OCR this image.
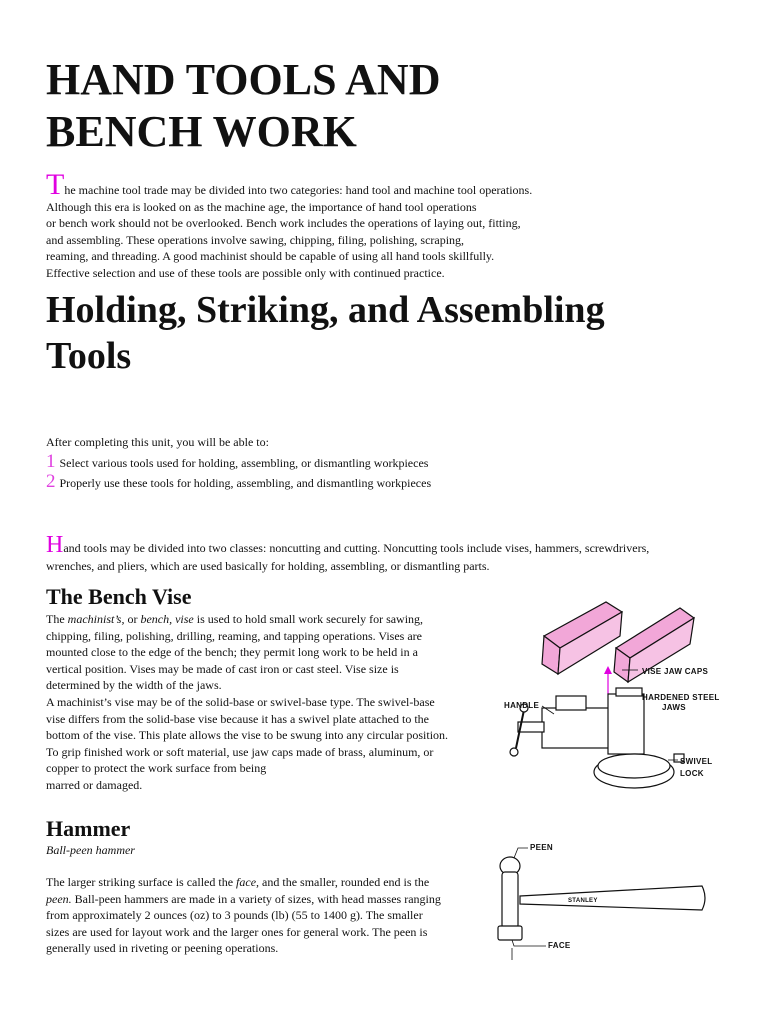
HAND TOOLS AND
BENCH WORK
The machine tool trade may be divided into two categories: hand tool and machine tool operations.
Although this era is looked on as the machine age, the importance of hand tool operations
or bench work should not be overlooked. Bench work includes the operations of laying out, fitting,
and assembling. These operations involve sawing, chipping, filing, polishing, scraping,
reaming, and threading. A good machinist should be capable of using all hand tools skillfully.
Effective selection and use of these tools are possible only with continued practice.
Holding, Striking, and Assembling
Tools
After completing this unit, you will be able to:
1 Select various tools used for holding, assembling, or dismantling workpieces
2 Properly use these tools for holding, assembling, and dismantling workpieces
Hand tools may be divided into two classes: noncutting and cutting. Noncutting tools include vises, hammers, screwdrivers,
wrenches, and pliers, which are used basically for holding, assembling, or dismantling parts.
The Bench Vise
The machinist’s, or bench, vise is used to hold small work securely for sawing,
chipping, filing, polishing, drilling, reaming, and tapping operations. Vises are
mounted close to the edge of the bench; they permit long work to be held in a
vertical position. Vises may be made of cast iron or cast steel. Vise size is
determined by the width of the jaws.
A machinist’s vise may be of the solid-base or swivel-base type. The swivel-base
vise differs from the solid-base vise because it has a swivel plate attached to the
bottom of the vise. This plate allows the vise to be swung into any circular position.
To grip finished work or soft material, use jaw caps made of brass, aluminum, or
copper to protect the work surface from being
marred or damaged.
VISE JAW CAPS
HARDENED STEEL
JAWS
HANDLE
SWIVEL
LOCK
Hammer
Ball-peen hammer
The larger striking surface is called the face, and the smaller, rounded end is the
peen. Ball-peen hammers are made in a variety of sizes, with head masses ranging
from approximately 2 ounces (oz) to 3 pounds (lb) (55 to 1400 g). The smaller
sizes are used for layout work and the larger ones for general work. The peen is
generally used in riveting or peening operations.
STANLEY
PEEN
FACE
